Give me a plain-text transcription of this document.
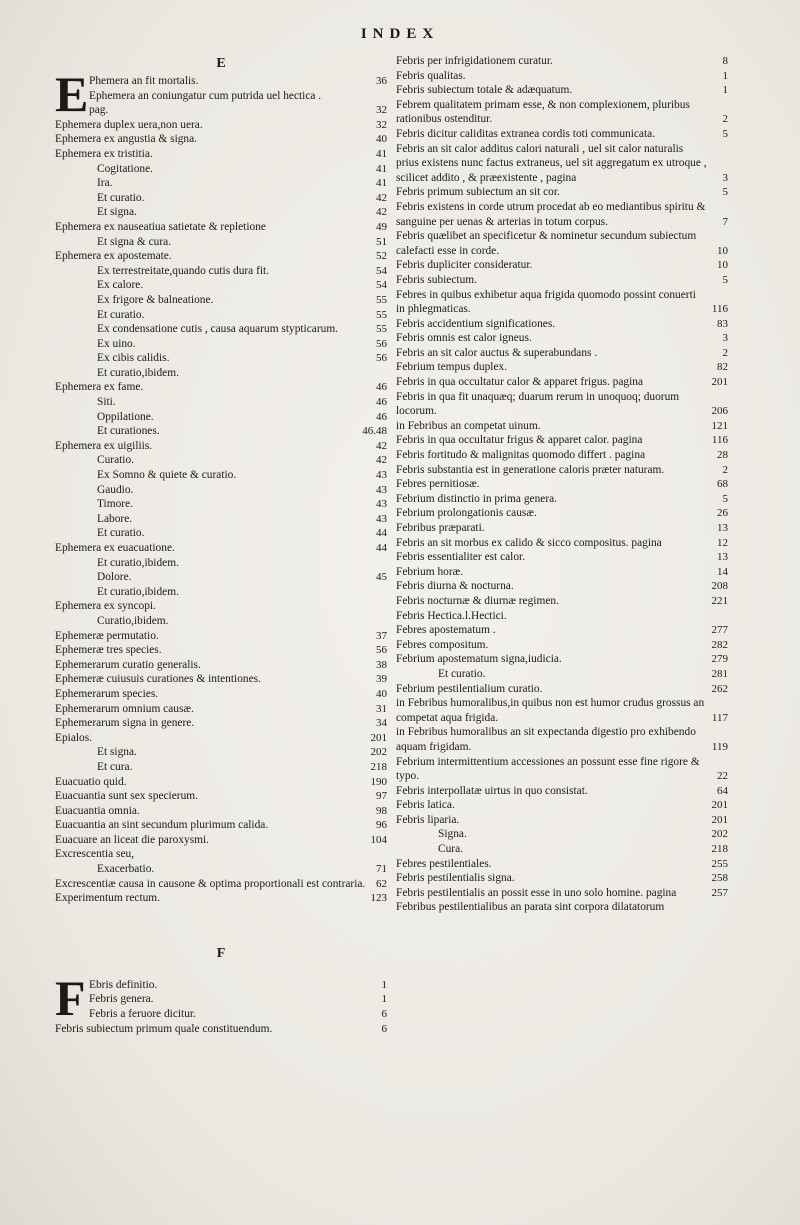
INDEX
E
E Phemera an fit mortalis.	36
Ephemera an coniungatur cum putrida uel hectica .
pag.	32
Ephemera duplex uera,non uera.	32
Ephemera ex angustia & signa.	40
Ephemera ex tristitia.	41
Cogitatione.	41
Ira.	41
Et curatio.	42
Et signa.	42
Ephemera ex nauseatiua satietate & repletione	49
Et signa & cura.	51
Ephemera ex apostemate.	52
Ex terrestreitate,quando cutis dura fit.	54
Ex calore.	54
Ex frigore & balneatione.	55
Et curatio.	55
Ex condensatione cutis , causa aquarum stypticarum.	55
Ex uino.	56
Ex cibis calidis.	56
Et curatio,ibidem.
Ephemera ex fame.	46
Siti.	46
Oppilatione.	46
Et curationes.	46.48
Ephemera ex uigiliis.	42
Curatio.	42
Ex Somno & quiete & curatio.	43
Gaudio.	43
Timore.	43
Labore.	43
Et curatio.	44
Ephemera ex euacuatione.	44
Et curatio,ibidem.
Dolore.	45
Et curatio,ibidem.
Ephemera ex syncopi.
Curatio,ibidem.
Ephemeræ permutatio.	37
Ephemeræ tres species.	56
Ephemerarum curatio generalis.	38
Ephemeræ cuiusuis curationes & intentiones.	39
Ephemerarum species.	40
Ephemerarum omnium causæ.	31
Ephemerarum signa in genere.	34
Epialos.	201
Et signa.	202
Et cura.	218
Euacuatio quid.	190
Euacuantia sunt sex specierum.	97
Euacuantia omnia.	98
Euacuantia an sint secundum plurimum calida.	96
Euacuare an liceat die paroxysmi.	104
Excrescentia seu,
Exacerbatio.	71
Excrescentiæ causa in causone & optima proportionali est contraria. 62
Experimentum rectum.	123
F
F Ebris definitio.	1
Febris genera.	1
Febris a feruore dicitur.	6
Febris subiectum primum quale constituendum.	6
Febris per infrigidationem curatur.	8
Febris qualitas.	1
Febris subiectum totale & adæquatum.	1
Febrem qualitatem primam esse, & non complexionem, pluribus rationibus ostenditur.	2
Febris dicitur caliditas extranea cordis toti communicata.	5
Febris an sit calor additus calori naturali , uel sit calor naturalis prius existens nunc factus extraneus, uel sit aggregatum ex utroque , scilicet addito , & præexistente , pagina	3
Febris primum subiectum an sit cor.	5
Febris existens in corde utrum procedat ab eo mediantibus spiritu & sanguine per uenas & arterias in totum corpus.	7
Febris quælibet an specificetur & nominetur secundum subiectum calefacti esse in corde.	10
Febris dupliciter consideratur.	10
Febris subiectum.	5
Febres in quibus exhibetur aqua frigida quomodo possint conuerti in phlegmaticas.	116
Febris accidentium significationes.	83
Febris omnis est calor igneus.	3
Febris an sit calor auctus & superabundans .	2
Febrium tempus duplex.	82
Febris in qua occultatur calor & apparet frigus. pagina	201
Febris in qua fit unaquæq; duarum rerum in unoquoq; duorum locorum.	206
in Febribus an competat uinum.	121
Febris in qua occultatur frigus & apparet calor. pagina	116
Febris fortitudo & malignitas quomodo differt . pagina	28
Febris substantia est in generatione caloris præter naturam.	2
Febres pernitiosæ.	68
Febrium distinctio in prima genera.	5
Febrium prolongationis causæ.	26
Febribus præparati.	13
Febris an sit morbus ex calido & sicco compositus. pagina	12
Febris essentialiter est calor.	13
Febrium horæ.	14
Febris diurna & nocturna.	208
Febris nocturnæ & diurnæ regimen.	221
Febris Hectica.l.Hectici.
Febres apostematum .	277
Febres compositum.	282
Febrium apostematum signa,iudicia.	279
Et curatio.	281
Febrium pestilentialium curatio.	262
in Febribus humoralibus,in quibus non est humor crudus grossus an competat aqua frigida.	117
in Febribus humoralibus an sit expectanda digestio pro exhibendo aquam frigidam.	119
Febrium intermittentium accessiones an possunt esse fine rigore & typo.	22
Febris interpollatæ uirtus in quo consistat.	64
Febris latica.	201
Febris liparia.	201
Signa.	202
Cura.	218
Febres pestilentiales.	255
Febris pestilentialis signa.	258
Febris pestilentialis an possit esse in uno solo homine. pagina	257
Febribus pestilentialibus an parata sint corpora dilatatorum
